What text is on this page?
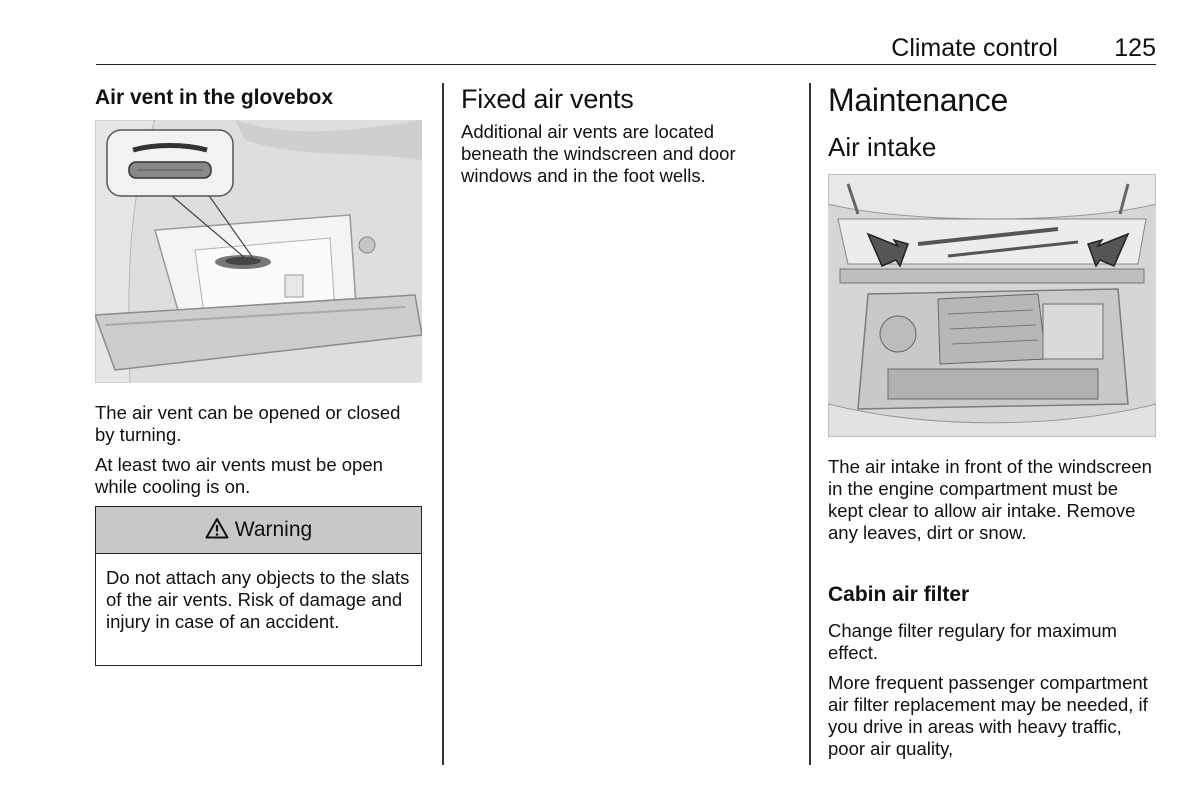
Climate control 125
Air vent in the glovebox

The air vent can be opened or closed by turning.

At least two air vents must be open while cooling is on.

Warning
Do not attach any objects to the slats of the air vents. Risk of damage and injury in case of an accident.
Fixed air vents

Additional air vents are located beneath the windscreen and door windows and in the foot wells.

Maintenance
Air intake

The air intake in front of the windscreen in the engine compartment must be kept clear to allow air intake. Remove any leaves, dirt or snow.

Cabin air filter

Change filter regulary for maximum effect.

More frequent passenger compartment air filter replacement may be needed, if you drive in areas with heavy traffic, poor air quality,
